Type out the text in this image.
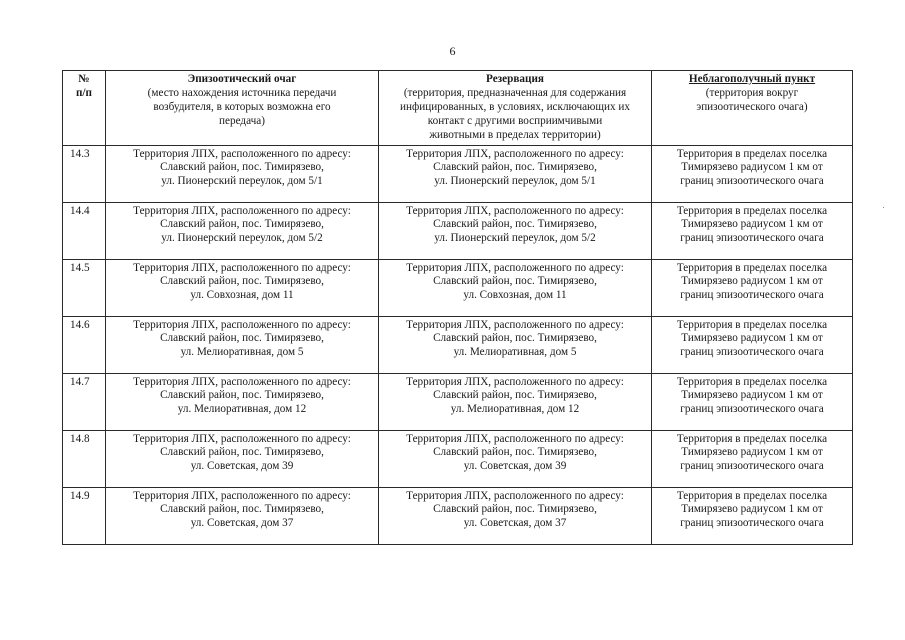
6
№
п/п	Эпизоотический очаг
(место нахождения источника передачи
возбудителя, в которых возможна его
передача)	Резервация
(территория, предназначенная для содержания
инфицированных, в условиях, исключающих их
контакт с другими восприимчивыми
животными в пределах территории)	Неблагополучный пункт
(территория вокруг
эпизоотического очага)

14.3	Территория ЛПХ, расположенного по адресу:
Славский район, пос. Тимирязево,
ул. Пионерский переулок, дом 5/1	Территория ЛПХ, расположенного по адресу:
Славский район, пос. Тимирязево,
ул. Пионерский переулок, дом 5/1	Территория в пределах поселка
Тимирязево радиусом 1 км от
границ эпизоотического очага

14.4	Территория ЛПХ, расположенного по адресу:
Славский район, пос. Тимирязево,
ул. Пионерский переулок, дом 5/2	Территория ЛПХ, расположенного по адресу:
Славский район, пос. Тимирязево,
ул. Пионерский переулок, дом 5/2	Территория в пределах поселка
Тимирязево радиусом 1 км от
границ эпизоотического очага

14.5	Территория ЛПХ, расположенного по адресу:
Славский район, пос. Тимирязево,
ул. Совхозная, дом 11	Территория ЛПХ, расположенного по адресу:
Славский район, пос. Тимирязево,
ул. Совхозная, дом 11	Территория в пределах поселка
Тимирязево радиусом 1 км от
границ эпизоотического очага

14.6	Территория ЛПХ, расположенного по адресу:
Славский район, пос. Тимирязево,
ул. Мелиоративная, дом 5	Территория ЛПХ, расположенного по адресу:
Славский район, пос. Тимирязево,
ул. Мелиоративная, дом 5	Территория в пределах поселка
Тимирязево радиусом 1 км от
границ эпизоотического очага

14.7	Территория ЛПХ, расположенного по адресу:
Славский район, пос. Тимирязево,
ул. Мелиоративная, дом 12	Территория ЛПХ, расположенного по адресу:
Славский район, пос. Тимирязево,
ул. Мелиоративная, дом 12	Территория в пределах поселка
Тимирязево радиусом 1 км от
границ эпизоотического очага

14.8	Территория ЛПХ, расположенного по адресу:
Славский район, пос. Тимирязево,
ул. Советская, дом 39	Территория ЛПХ, расположенного по адресу:
Славский район, пос. Тимирязево,
ул. Советская, дом 39	Территория в пределах поселка
Тимирязево радиусом 1 км от
границ эпизоотического очага

14.9	Территория ЛПХ, расположенного по адресу:
Славский район, пос. Тимирязево,
ул. Советская, дом 37	Территория ЛПХ, расположенного по адресу:
Славский район, пос. Тимирязево,
ул. Советская, дом 37	Территория в пределах поселка
Тимирязево радиусом 1 км от
границ эпизоотического очага
